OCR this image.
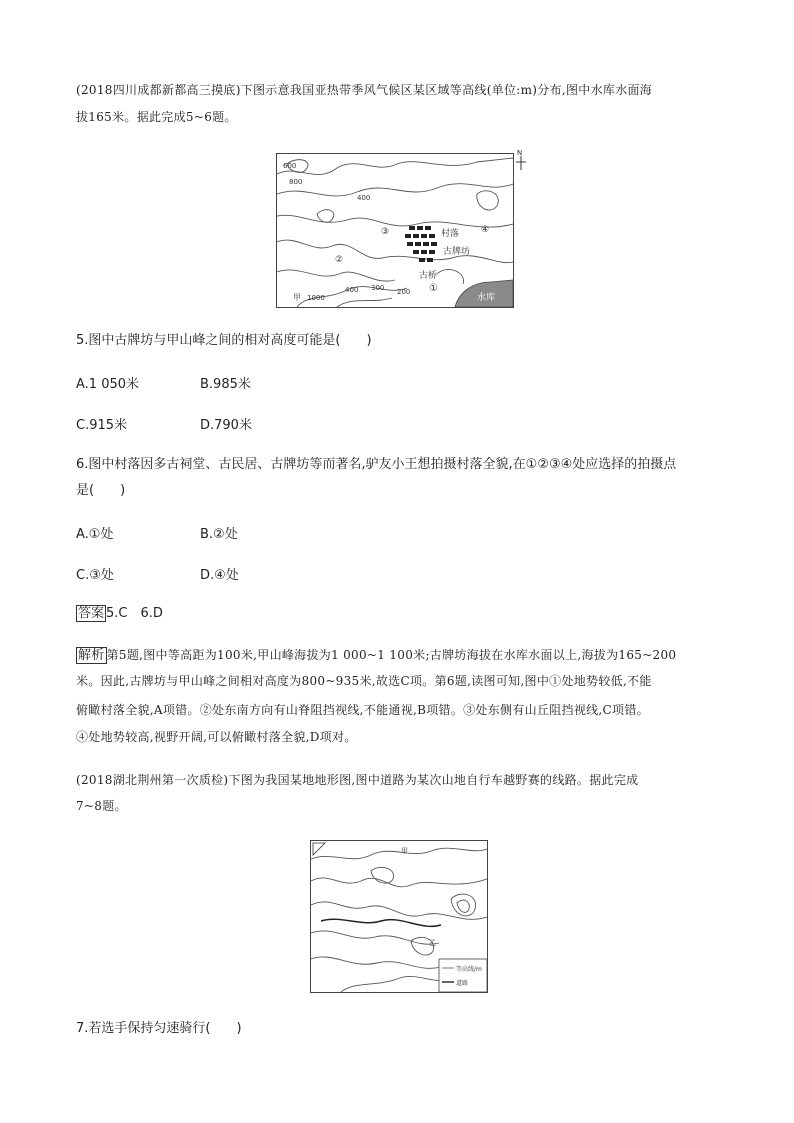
(2018四川成都新都高三摸底)下图示意我国亚热带季风气候区某区域等高线(单位:m)分布,图中水库水面海
拔165米。据此完成5~6题。
600
800
400
400 300 200
1000
甲
村落
古牌坊
古桥
①
②
③	④
水库
N
5.图中古牌坊与甲山峰之间的相对高度可能是(　　)
A.1 050米	B.985米
C.915米	D.790米
6.图中村落因多古祠堂、古民居、古牌坊等而著名,驴友小王想拍摄村落全貌,在①②③④处应选择的拍摄点
是(　　)
A.①处	B.②处
C.③处	D.④处
答案 5.C　6.D
解析 第5题,图中等高距为100米,甲山峰海拔为1 000~1 100米;古牌坊海拔在水库水面以上,海拔为165~200
米。因此,古牌坊与甲山峰之间相对高度为800~935米,故选C项。第6题,读图可知,图中①处地势较低,不能
俯瞰村落全貌,A项错。②处东南方向有山脊阻挡视线,不能通视,B项错。③处东侧有山丘阻挡视线,C项错。
④处地势较高,视野开阔,可以俯瞰村落全貌,D项对。
(2018湖北荆州第一次质检)下图为我国某地地形图,图中道路为某次山地自行车越野赛的线路。据此完成
7~8题。
甲
乙
等高线/m
道路
7.若选手保持匀速骑行(　　)
